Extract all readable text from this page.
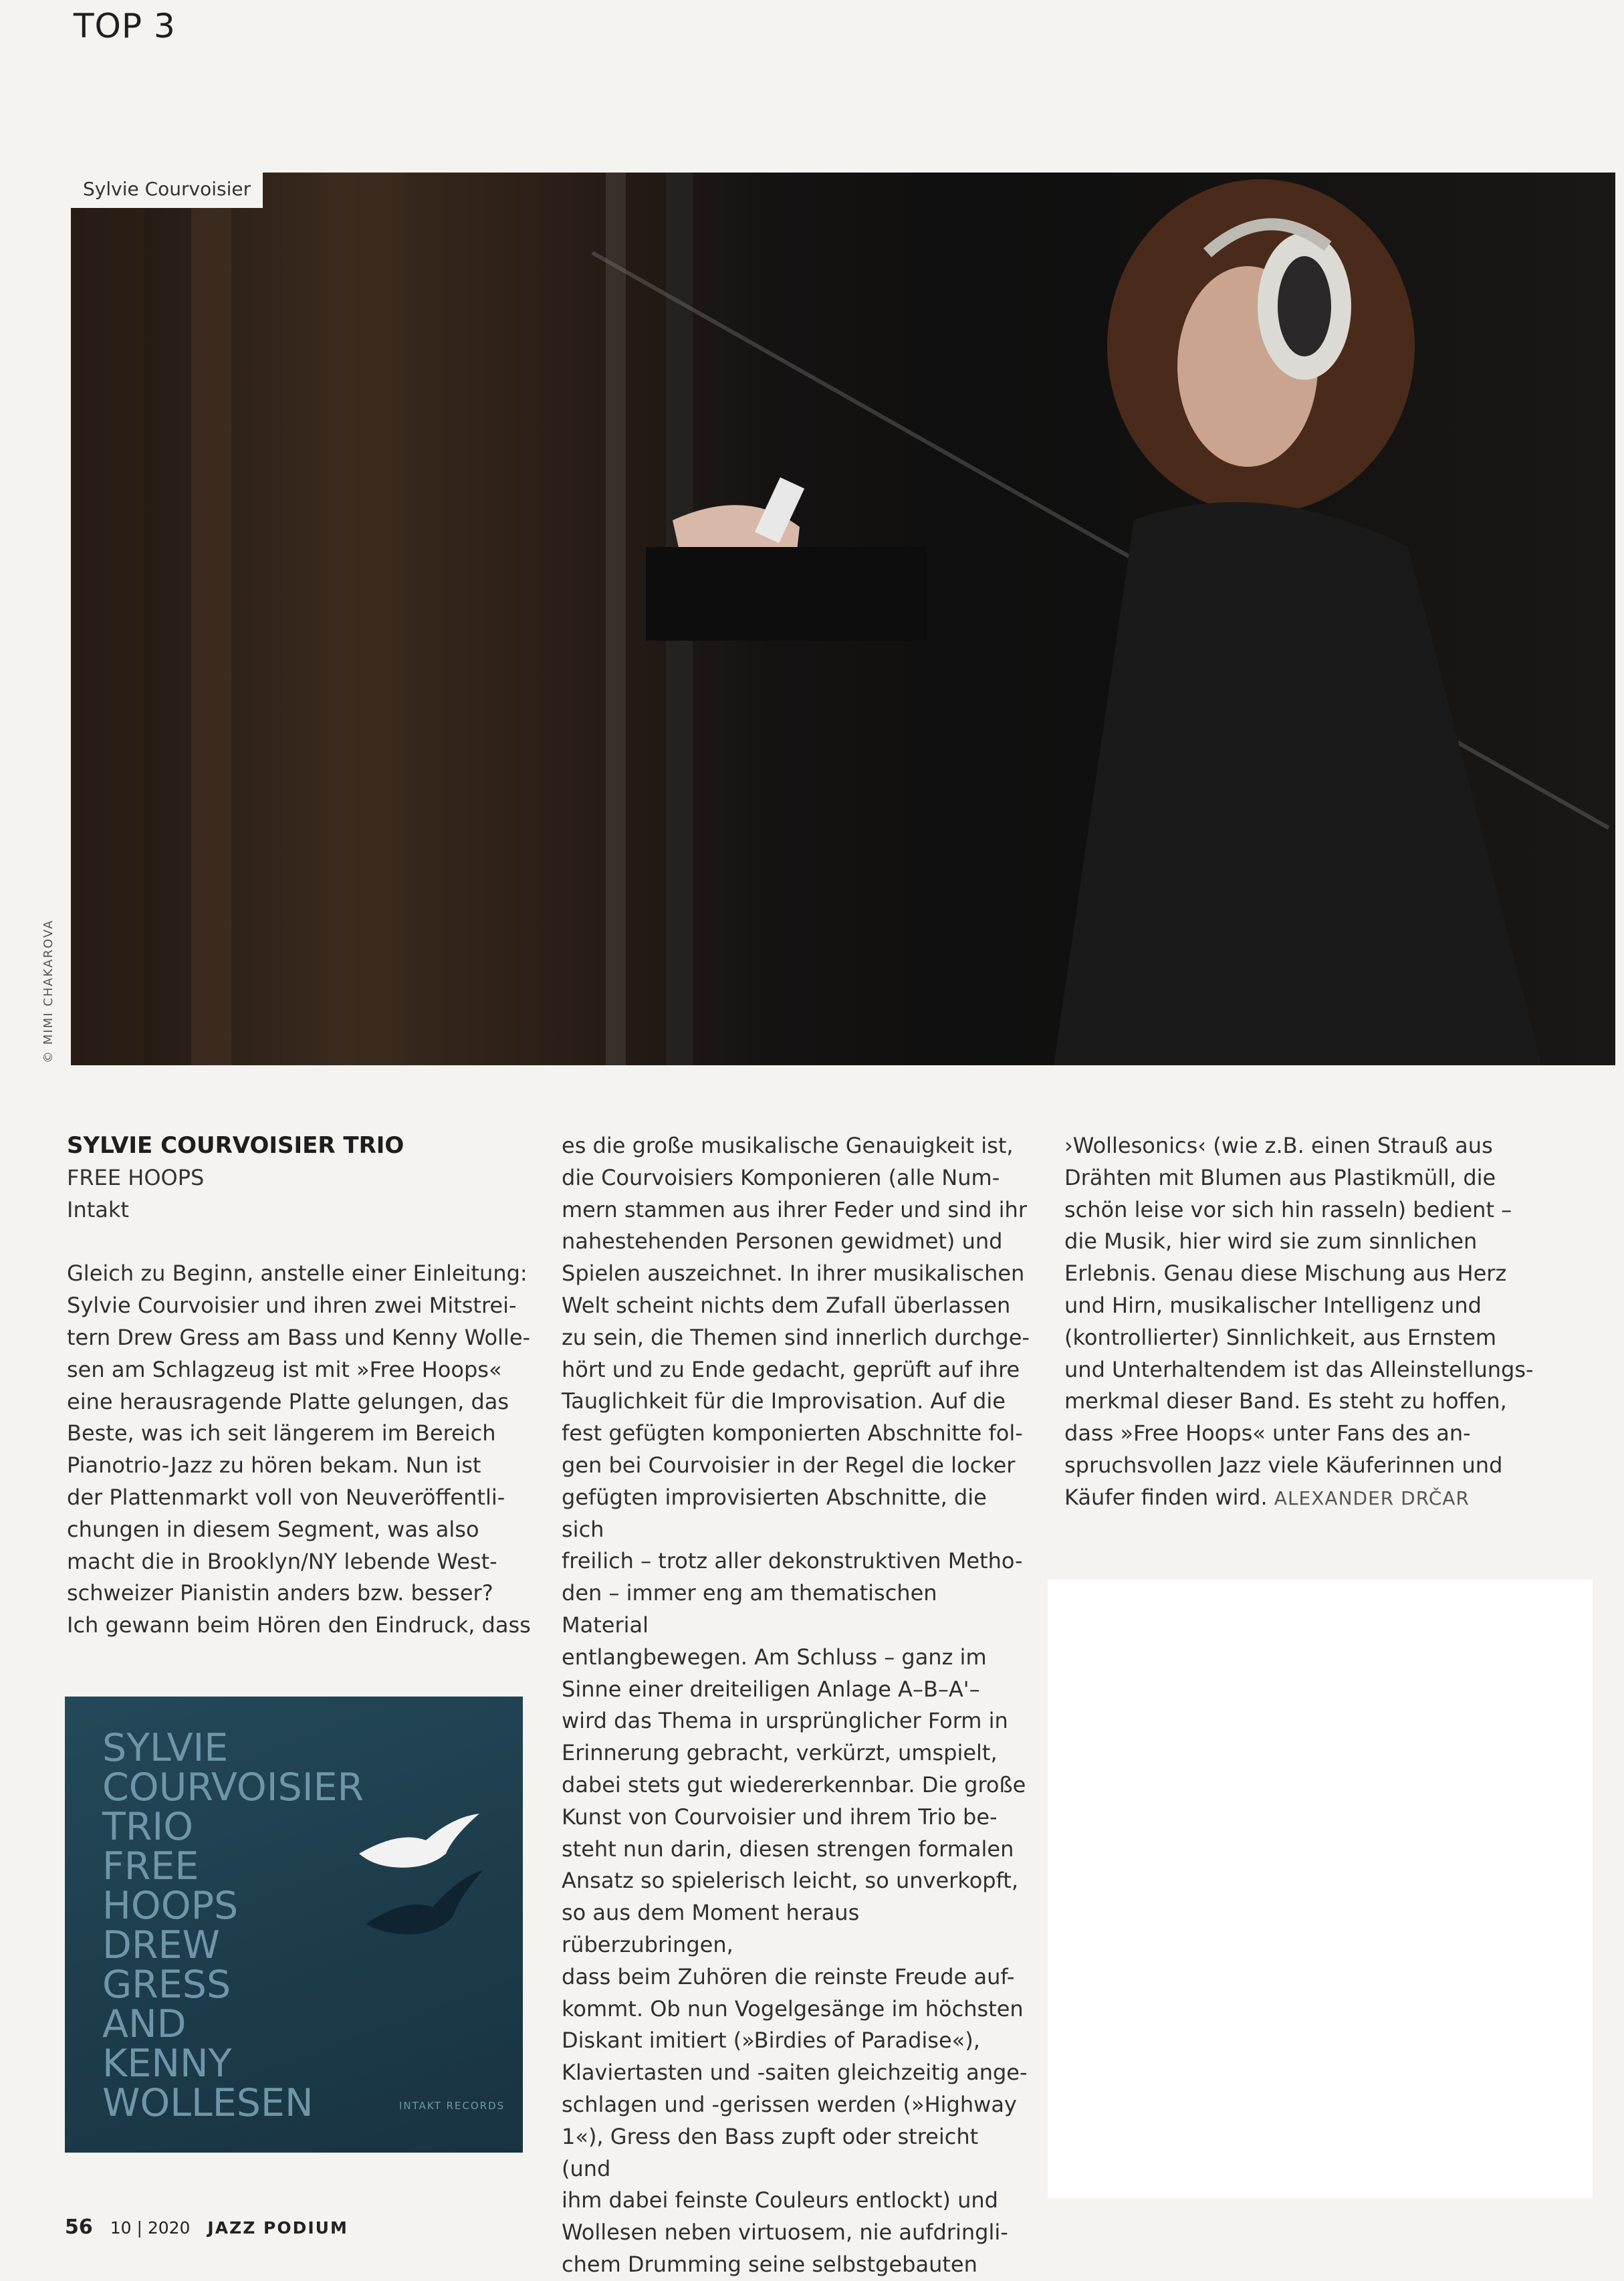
TOP 3
Sylvie Courvoisier
© MIMI CHAKAROVA

SYLVIE COURVOISIER TRIO

FREE HOOPS

Intakt

Gleich zu Beginn, anstelle einer Einleitung:

Sylvie Courvoisier und ihren zwei Mitstrei-

tern Drew Gress am Bass und Kenny Wolle-

sen am Schlagzeug ist mit »Free Hoops«

eine herausragende Platte gelungen, das

Beste, was ich seit längerem im Bereich

Pianotrio-Jazz zu hören bekam. Nun ist

der Plattenmarkt voll von Neuveröffentli-

chungen in diesem Segment, was also

macht die in Brooklyn/NY lebende West-

schweizer Pianistin anders bzw. besser?

Ich gewann beim Hören den Eindruck, dass

es die große musikalische Genauigkeit ist,

die Courvoisiers Komponieren (alle Num-

mern stammen aus ihrer Feder und sind ihr

nahestehenden Personen gewidmet) und

Spielen auszeichnet. In ihrer musikalischen

Welt scheint nichts dem Zufall überlassen

zu sein, die Themen sind innerlich durchge-

hört und zu Ende gedacht, geprüft auf ihre

Tauglichkeit für die Improvisation. Auf die

fest gefügten komponierten Abschnitte fol-

gen bei Courvoisier in der Regel die locker

gefügten improvisierten Abschnitte, die sich

freilich – trotz aller dekonstruktiven Metho-

den – immer eng am thematischen Material

entlangbewegen. Am Schluss – ganz im

Sinne einer dreiteiligen Anlage A–B–A'–

wird das Thema in ursprünglicher Form in

Erinnerung gebracht, verkürzt, umspielt,

dabei stets gut wiedererkennbar. Die große

Kunst von Courvoisier und ihrem Trio be-

steht nun darin, diesen strengen formalen

Ansatz so spielerisch leicht, so unverkopft,

so aus dem Moment heraus rüberzubringen,

dass beim Zuhören die reinste Freude auf-

kommt. Ob nun Vogelgesänge im höchsten

Diskant imitiert (»Birdies of Paradise«),

Klaviertasten und -saiten gleichzeitig ange-

schlagen und -gerissen werden (»Highway

1«), Gress den Bass zupft oder streicht (und

ihm dabei feinste Couleurs entlockt) und

Wollesen neben virtuosem, nie aufdringli-

chem Drumming seine selbstgebauten

›Wollesonics‹ (wie z.B. einen Strauß aus

Drähten mit Blumen aus Plastikmüll, die

schön leise vor sich hin rasseln) bedient –

die Musik, hier wird sie zum sinnlichen

Erlebnis. Genau diese Mischung aus Herz

und Hirn, musikalischer Intelligenz und

(kontrollierter) Sinnlichkeit, aus Ernstem

und Unterhaltendem ist das Alleinstellungs-

merkmal dieser Band. Es steht zu hoffen,

dass »Free Hoops« unter Fans des an-

spruchsvollen Jazz viele Käuferinnen und

Käufer finden wird. ALEXANDER DRČAR

SYLVIE
COURVOISIER
TRIO
FREE
HOOPS
DREW
GRESS
AND
KENNY
WOLLESEN	INTAKT RECORDS
56 10 | 2020 JAZZ PODIUM
